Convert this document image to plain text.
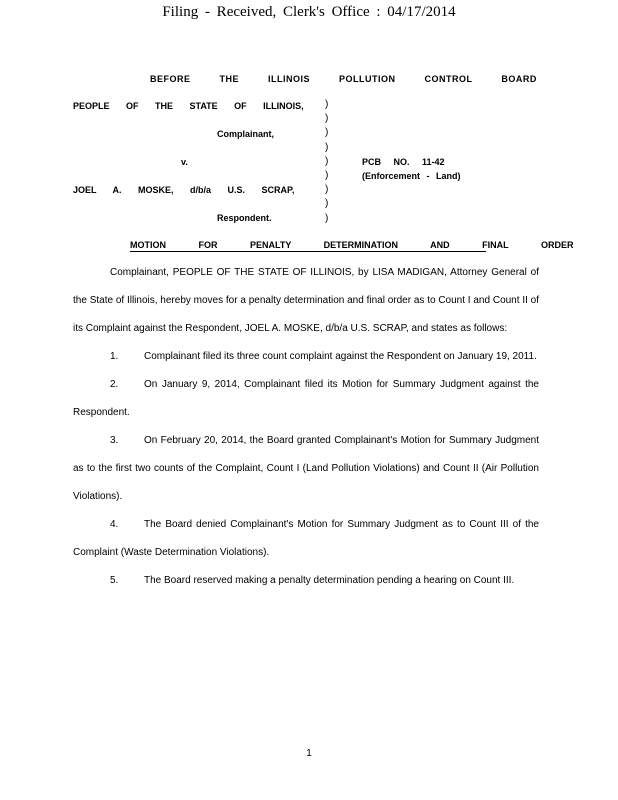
Filing - Received, Clerk's Office : 04/17/2014
BEFORE THE ILLINOIS POLLUTION CONTROL BOARD
PEOPLE OF THE STATE OF ILLINOIS,
Complainant,
v.
JOEL A. MOSKE, d/b/a U.S. SCRAP,
Respondent.
)
)
)
)
)
)
)
)
)
PCB NO. 11-42
(Enforcement - Land)
MOTION FOR PENALTY DETERMINATION AND FINAL ORDER

Complainant, PEOPLE OF THE STATE OF ILLINOIS, by LISA MADIGAN, Attorney General of the State of Illinois, hereby moves for a penalty determination and final order as to Count I and Count II of its Complaint against the Respondent, JOEL A. MOSKE, d/b/a U.S. SCRAP, and states as follows:

1.	Complainant filed its three count complaint against the Respondent on January 19, 2011.

2.	On January 9, 2014, Complainant filed its Motion for Summary Judgment against the Respondent.

3.	On February 20, 2014, the Board granted Complainant's Motion for Summary Judgment as to the first two counts of the Complaint, Count I (Land Pollution Violations) and Count II (Air Pollution Violations).

4.	The Board denied Complainant's Motion for Summary Judgment as to Count III of the Complaint (Waste Determination Violations).

5.	The Board reserved making a penalty determination pending a hearing on Count III.

1
